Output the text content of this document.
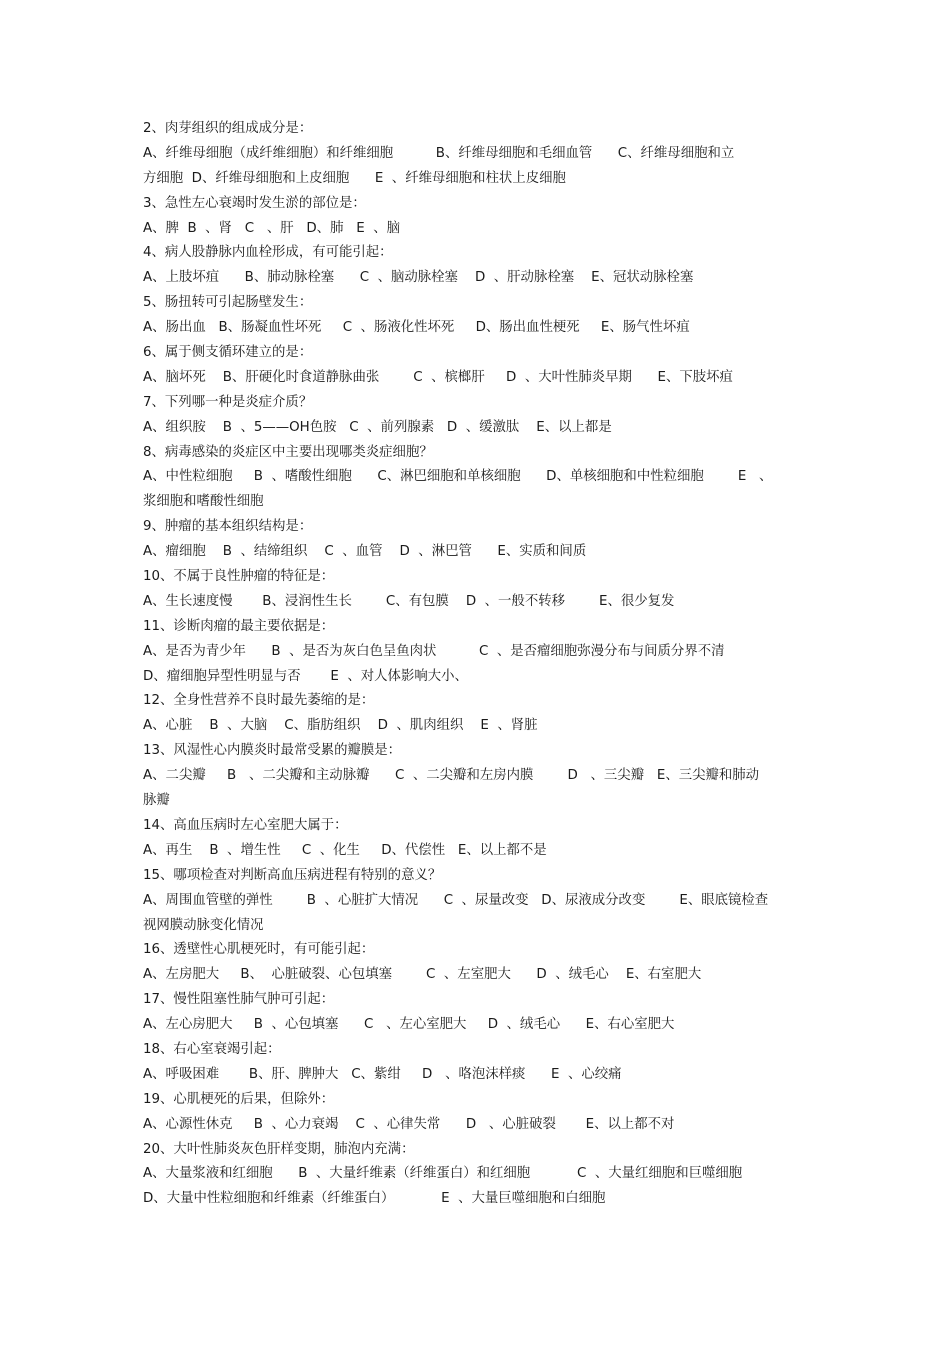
2、肉芽组织的组成成分是：
A、纤维母细胞（成纤维细胞）和纤维细胞          B、纤维母细胞和毛细血管      C、纤维母细胞和立
方细胞  D、纤维母细胞和上皮细胞      E  、纤维母细胞和柱状上皮细胞
3、急性左心衰竭时发生淤的部位是：
A、脾  B  、肾   C   、肝   D、肺   E  、脑
4、病人股静脉内血栓形成，有可能引起：
A、上肢坏疽      B、肺动脉栓塞      C  、脑动脉栓塞    D  、肝动脉栓塞    E、冠状动脉栓塞
5、肠扭转可引起肠壁发生：
A、肠出血   B、肠凝血性坏死     C  、肠液化性坏死     D、肠出血性梗死     E、肠气性坏疽
6、属于侧支循环建立的是：
A、脑坏死    B、肝硬化时食道静脉曲张        C  、槟榔肝     D  、大叶性肺炎早期      E、下肢坏疽
7、下列哪一种是炎症介质？
A、组织胺    B  、5——OH色胺   C  、前列腺素   D  、缓激肽    E、以上都是
8、病毒感染的炎症区中主要出现哪类炎症细胞？
A、中性粒细胞     B  、嗜酸性细胞      C、淋巴细胞和单核细胞      D、单核细胞和中性粒细胞        E   、
浆细胞和嗜酸性细胞
9、肿瘤的基本组织结构是：
A、瘤细胞    B  、结缔组织    C  、血管    D  、淋巴管      E、实质和间质
10、不属于良性肿瘤的特征是：
A、生长速度慢       B、浸润性生长        C、有包膜    D  、一般不转移        E、很少复发
11、诊断肉瘤的最主要依据是：
A、是否为青少年      B  、是否为灰白色呈鱼肉状          C  、是否瘤细胞弥漫分布与间质分界不清
D、瘤细胞异型性明显与否       E  、对人体影响大小、
12、全身性营养不良时最先萎缩的是：
A、心脏    B  、大脑    C、脂肪组织    D  、肌肉组织    E  、肾脏
13、风湿性心内膜炎时最常受累的瓣膜是：
A、二尖瓣     B   、二尖瓣和主动脉瓣      C  、二尖瓣和左房内膜        D   、三尖瓣   E、三尖瓣和肺动
脉瓣
14、高血压病时左心室肥大属于：
A、再生    B  、增生性     C  、化生     D、代偿性   E、以上都不是
15、哪项检查对判断高血压病进程有特别的意义？
A、周围血管壁的弹性        B  、心脏扩大情况      C  、尿量改变   D、尿液成分改变        E、眼底镜检查
视网膜动脉变化情况
16、透壁性心肌梗死时，有可能引起：
A、左房肥大     B、  心脏破裂、心包填塞        C  、左室肥大      D  、绒毛心    E、右室肥大
17、慢性阻塞性肺气肿可引起：
A、左心房肥大     B  、心包填塞      C   、左心室肥大     D  、绒毛心      E、右心室肥大
18、右心室衰竭引起：
A、呼吸困难       B、肝、脾肿大   C、紫绀     D   、咯泡沫样痰      E  、心绞痛
19、心肌梗死的后果，但除外：
A、心源性休克     B  、心力衰竭    C  、心律失常      D   、心脏破裂       E、以上都不对
20、大叶性肺炎灰色肝样变期，肺泡内充满：
A、大量浆液和红细胞      B  、大量纤维素（纤维蛋白）和红细胞           C  、大量红细胞和巨噬细胞
D、大量中性粒细胞和纤维素（纤维蛋白）           E  、大量巨噬细胞和白细胞
